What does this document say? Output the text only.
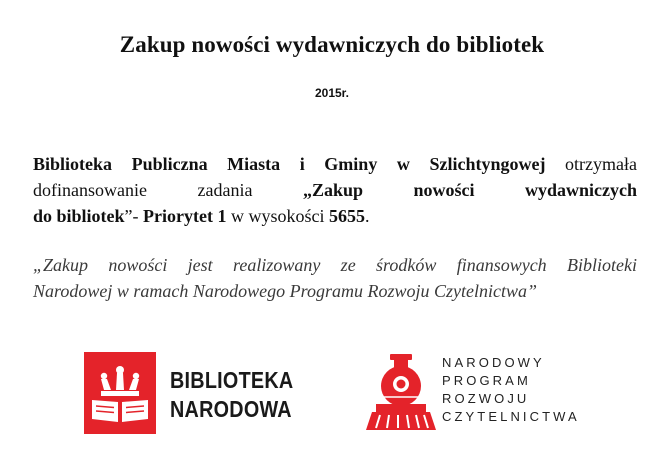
Zakup nowości wydawniczych do bibliotek
2015r.
Biblioteka Publiczna Miasta i Gminy w Szlichtyngowej otrzymała
dofinansowanie zadania	„Zakup nowości wydawniczych
do bibliotek”- Priorytet 1 w wysokości 5655.
„Zakup nowości jest realizowany ze środków finansowych Biblioteki
Narodowej w ramach Narodowego Programu Rozwoju Czytelnictwa”
BIBLIOTEKA
NARODOWA
NARODOWY
PROGRAM
ROZWOJU
CZYTELNICTWA
